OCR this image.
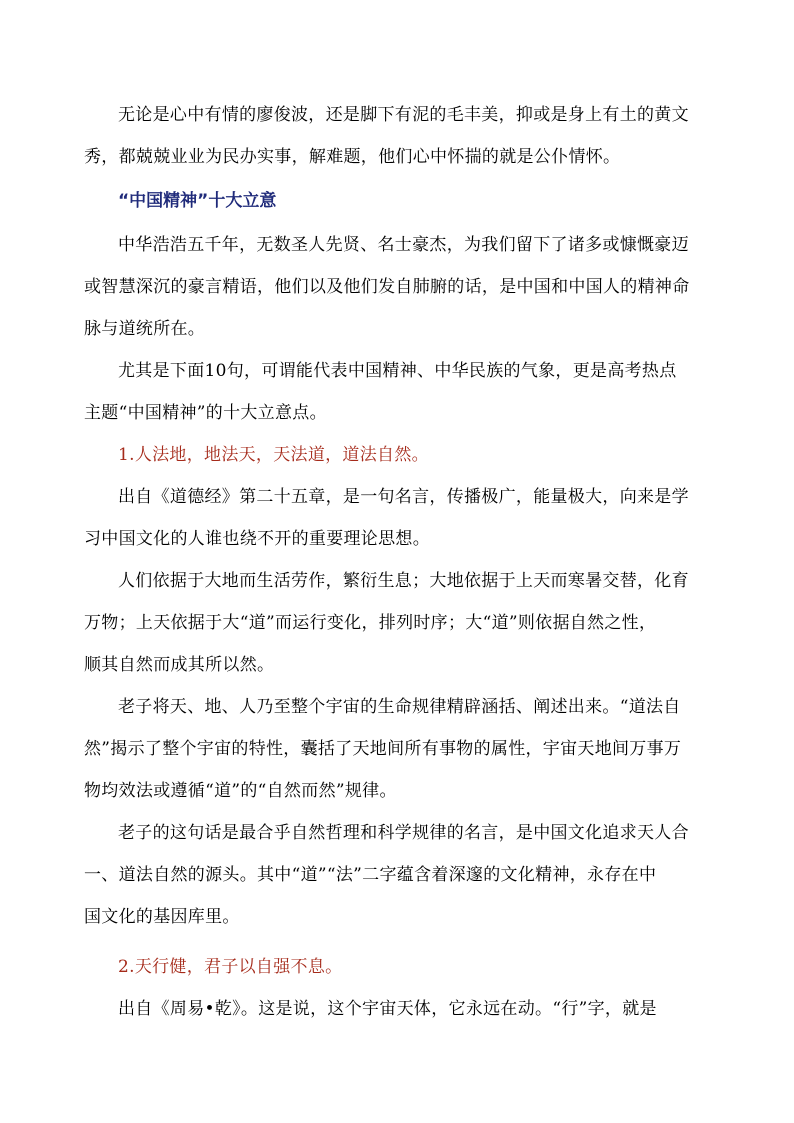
无论是心中有情的廖俊波，还是脚下有泥的毛丰美，抑或是身上有土的黄文
秀，都兢兢业业为民办实事，解难题，他们心中怀揣的就是公仆情怀。
“中国精神”十大立意
中华浩浩五千年，无数圣人先贤、名士豪杰，为我们留下了诸多或慷慨豪迈
或智慧深沉的豪言精语，他们以及他们发自肺腑的话，是中国和中国人的精神命
脉与道统所在。
尤其是下面10句，可谓能代表中国精神、中华民族的气象，更是高考热点
主题“中国精神”的十大立意点。
1.人法地，地法天，天法道，道法自然。
出自《道德经》第二十五章，是一句名言，传播极广，能量极大，向来是学
习中国文化的人谁也绕不开的重要理论思想。
人们依据于大地而生活劳作，繁衍生息；大地依据于上天而寒暑交替，化育
万物；上天依据于大“道”而运行变化，排列时序；大“道”则依据自然之性，
顺其自然而成其所以然。
老子将天、地、人乃至整个宇宙的生命规律精辟涵括、阐述出来。“道法自
然”揭示了整个宇宙的特性，囊括了天地间所有事物的属性，宇宙天地间万事万
物均效法或遵循“道”的“自然而然”规律。
老子的这句话是最合乎自然哲理和科学规律的名言，是中国文化追求天人合
一、道法自然的源头。其中“道”“法”二字蕴含着深邃的文化精神，永存在中
国文化的基因库里。
2.天行健，君子以自强不息。
出自《周易•乾》。这是说，这个宇宙天体，它永远在动。“行”字，就是
